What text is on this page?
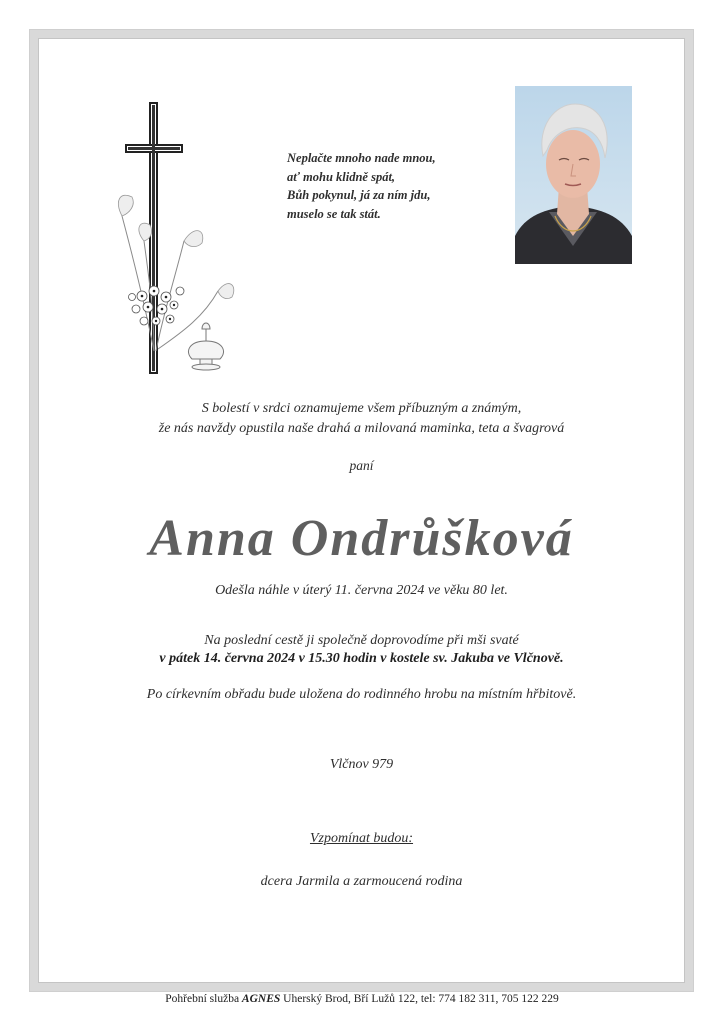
Neplačte mnoho nade mnou,
ať mohu klidně spát,
Bůh pokynul, já za ním jdu,
muselo se tak stát.
S bolestí v srdci oznamujeme všem příbuzným a známým,
že nás navždy opustila naše drahá a milovaná maminka, teta a švagrová
paní
Anna Ondrůšková
Odešla náhle v úterý 11. června 2024 ve věku 80 let.
Na poslední cestě ji společně doprovodíme při mši svaté
v pátek 14. června 2024 v 15.30 hodin v kostele sv. Jakuba ve Vlčnově.
Po církevním obřadu bude uložena do rodinného hrobu na místním hřbitově.
Vlčnov 979
Vzpomínat budou:
dcera Jarmila a zarmoucená rodina
Pohřební služba AGNES Uherský Brod, Bří Lužů 122, tel: 774 182 311, 705 122 229
